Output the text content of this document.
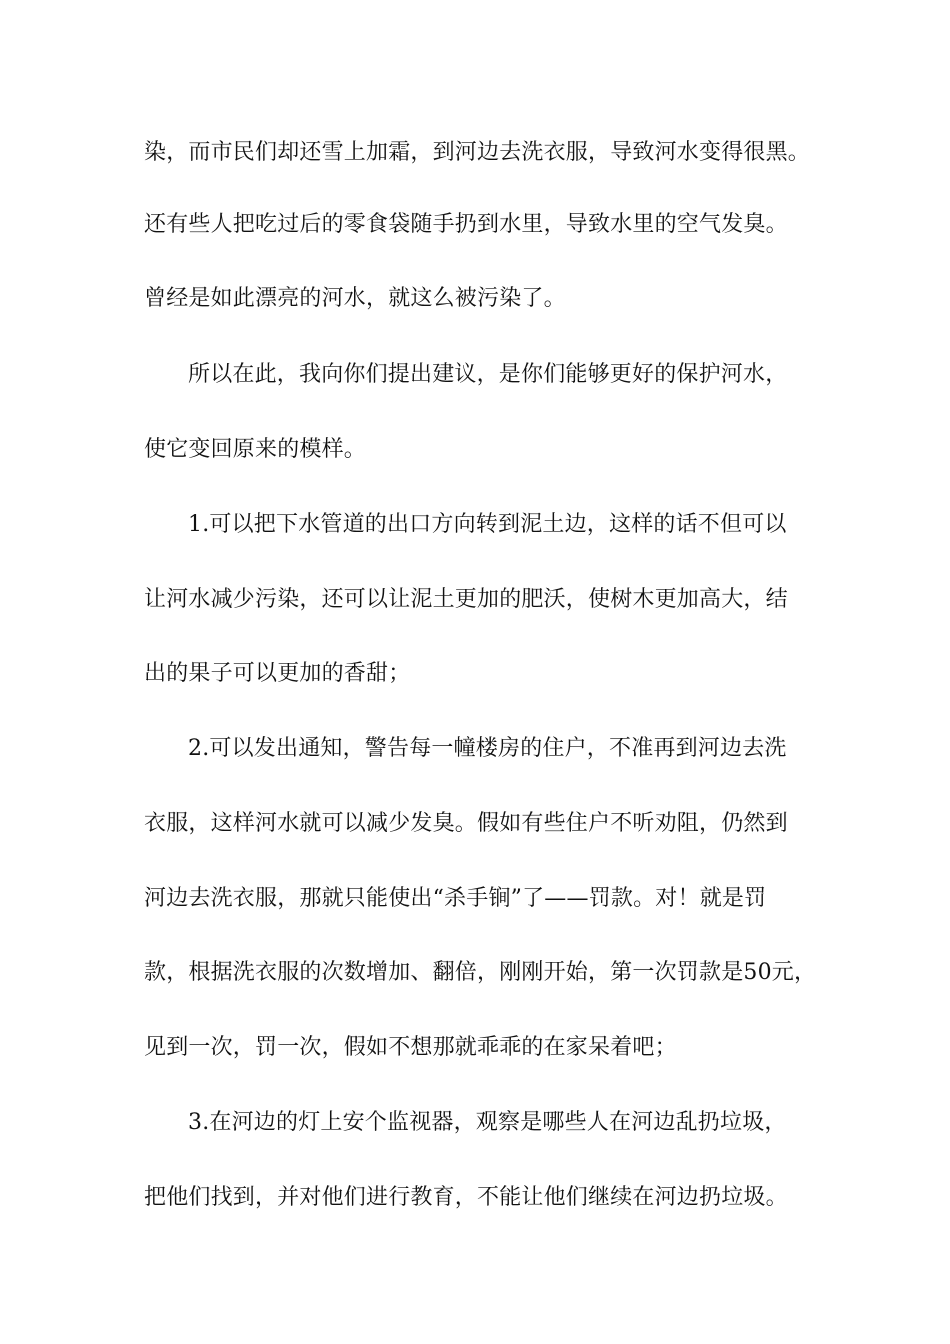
染，而市民们却还雪上加霜，到河边去洗衣服，导致河水变得很黑。
还有些人把吃过后的零食袋随手扔到水里，导致水里的空气发臭。
曾经是如此漂亮的河水，就这么被污染了。
所以在此，我向你们提出建议，是你们能够更好的保护河水，
使它变回原来的模样。
1.可以把下水管道的出口方向转到泥土边，这样的话不但可以
让河水减少污染，还可以让泥土更加的肥沃，使树木更加高大，结
出的果子可以更加的香甜；
2.可以发出通知，警告每一幢楼房的住户，不准再到河边去洗
衣服，这样河水就可以减少发臭。假如有些住户不听劝阻，仍然到
河边去洗衣服，那就只能使出“杀手锏”了——罚款。对！就是罚
款，根据洗衣服的次数增加、翻倍，刚刚开始，第一次罚款是50元，
见到一次，罚一次，假如不想那就乖乖的在家呆着吧；
3.在河边的灯上安个监视器，观察是哪些人在河边乱扔垃圾，
把他们找到，并对他们进行教育，不能让他们继续在河边扔垃圾。
